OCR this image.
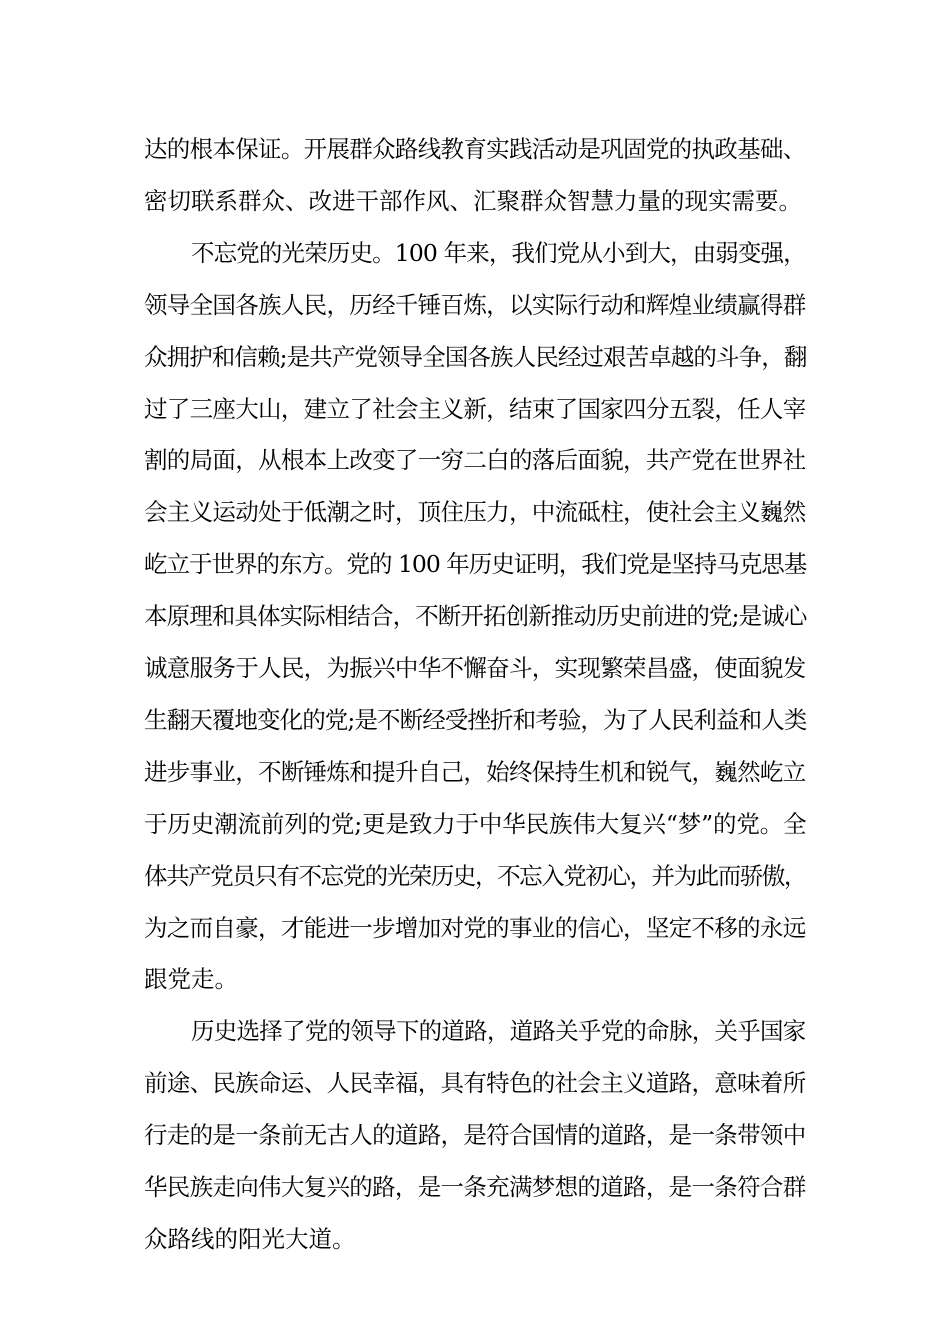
达的根本保证。开展群众路线教育实践活动是巩固党的执政基础、
密切联系群众、改进干部作风、汇聚群众智慧力量的现实需要。
不忘党的光荣历史。100 年来，我们党从小到大，由弱变强，
领导全国各族人民，历经千锤百炼，以实际行动和辉煌业绩赢得群
众拥护和信赖;是共产党领导全国各族人民经过艰苦卓越的斗争，翻
过了三座大山，建立了社会主义新，结束了国家四分五裂，任人宰
割的局面，从根本上改变了一穷二白的落后面貌，共产党在世界社
会主义运动处于低潮之时，顶住压力，中流砥柱，使社会主义巍然
屹立于世界的东方。党的 100 年历史证明，我们党是坚持马克思基
本原理和具体实际相结合，不断开拓创新推动历史前进的党;是诚心
诚意服务于人民，为振兴中华不懈奋斗，实现繁荣昌盛，使面貌发
生翻天覆地变化的党;是不断经受挫折和考验，为了人民利益和人类
进步事业，不断锤炼和提升自己，始终保持生机和锐气，巍然屹立
于历史潮流前列的党;更是致力于中华民族伟大复兴“梦”的党。全
体共产党员只有不忘党的光荣历史，不忘入党初心，并为此而骄傲，
为之而自豪，才能进一步增加对党的事业的信心，坚定不移的永远
跟党走。
历史选择了党的领导下的道路，道路关乎党的命脉，关乎国家
前途、民族命运、人民幸福，具有特色的社会主义道路，意味着所
行走的是一条前无古人的道路，是符合国情的道路，是一条带领中
华民族走向伟大复兴的路，是一条充满梦想的道路，是一条符合群
众路线的阳光大道。
